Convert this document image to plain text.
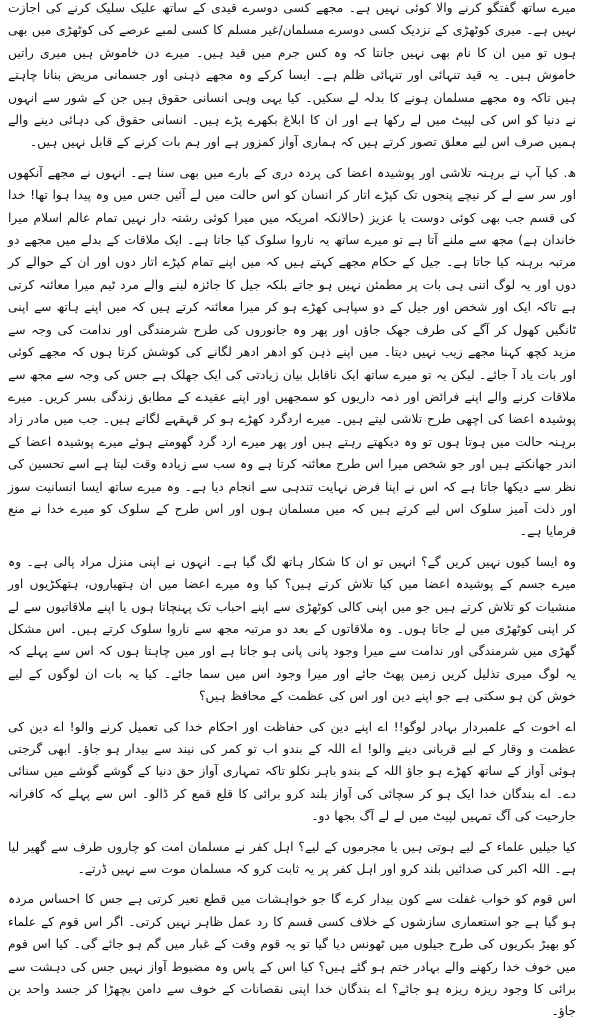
میرے ساتھ گفتگو کرنے والا کوئی نہیں ہے۔ مجھے کسی دوسرے قیدی کے ساتھ علیک سلیک کرنے کی اجازت نہیں ہے۔ میری کوٹھڑی کے نزدیک کسی دوسرے مسلمان/غیر مسلم کا کسی لمبے عرصے کی کوٹھڑی میں بھی ہوں تو میں ان کا نام بھی نہیں جانتا کہ وہ کس جرم میں قید ہیں۔ میرے دن خاموش ہیں میری راتیں خاموش ہیں۔ یہ قید تنہائی اور تنہائی ظلم ہے۔ ایسا کرکے وہ مجھے ذہنی اور جسمانی مریض بنانا چاہتے ہیں تاکہ وہ مجھے مسلمان ہونے کا بدلہ لے سکیں۔ کیا یہی وہی انسانی حقوق ہیں جن کے شور سے انہوں نے دنیا کو اس کی لپیٹ میں لے رکھا ہے اور ان کا ابلاغ بکھرے پڑے ہیں۔ انسانی حقوق کی دہائی دینے والے ہمیں صرف اس لیے معلق تصور کرتے ہیں کہ ہماری آواز کمزور ہے اور ہم بات کرنے کے قابل نہیں ہیں۔

ھ. کیا آپ نے برہنہ تلاشی اور پوشیدہ اعضا کی پردہ دری کے بارے میں بھی سنا ہے۔ انہوں نے مجھے آنکھوں اور سر سے لے کر نیچے پنجوں تک کپڑے اتار کر انسان کو اس حالت میں لے آئیں جس میں وہ پیدا ہوا تھا! خدا کی قسم جب بھی کوئی دوست یا عزیز (حالانکہ امریکہ میں میرا کوئی رشتہ دار نہیں تمام عالم اسلام میرا خاندان ہے) مجھ سے ملنے آتا ہے تو میرے ساتھ یہ ناروا سلوک کیا جاتا ہے۔ ایک ملاقات کے بدلے میں مجھے دو مرتبہ برہنہ کیا جاتا ہے۔ جیل کے حکام مجھے کہتے ہیں کہ میں اپنے تمام کپڑے اتار دوں اور ان کے حوالے کر دوں اور یہ لوگ اتنی ہی بات پر مطمئن نہیں ہو جاتے بلکہ جیل کا جائزہ لینے والے مرد ٹیم میرا معائنہ کرتی ہے تاکہ ایک اور شخص اور جیل کے دو سپاہی کھڑے ہو کر میرا معائنہ کرتے ہیں کہ میں اپنے ہاتھ سے اپنی ٹانگیں کھول کر آگے کی طرف جھک جاؤں اور پھر وہ جانوروں کی طرح شرمندگی اور ندامت کی وجہ سے مزید کچھ کہنا مجھے زیب نہیں دیتا۔ میں اپنے ذہن کو ادھر ادھر لگانے کی کوشش کرتا ہوں کہ مجھے کوئی اور بات یاد آ جائے۔ لیکن یہ تو میرے ساتھ ایک ناقابل بیان زیادتی کی ایک جھلک ہے جس کی وجہ سے مجھ سے ملاقات کرنے والے اپنے فرائض اور ذمہ داریوں کو سمجھیں اور اپنے عقیدے کے مطابق زندگی بسر کریں۔ میرے پوشیدہ اعضا کی اچھی طرح تلاشی لیتے ہیں۔ میرے اردگرد کھڑے ہو کر قہقہے لگاتے ہیں۔ جب میں مادر زاد برہنہ حالت میں ہوتا ہوں تو وہ دیکھتے رہتے ہیں اور پھر میرے ارد گرد گھومتے ہوئے میرے پوشیدہ اعضا کے اندر جھانکتے ہیں اور جو شخص میرا اس طرح معائنہ کرتا ہے وہ سب سے زیادہ وقت لیتا ہے اسے تحسین کی نظر سے دیکھا جاتا ہے کہ اس نے اپنا فرض نہایت تندہی سے انجام دیا ہے۔ وہ میرے ساتھ ایسا انسانیت سوز اور ذلت آمیز سلوک اس لیے کرتے ہیں کہ میں مسلمان ہوں اور اس طرح کے سلوک کو میرے خدا نے منع فرمایا ہے۔

وہ ایسا کیوں نہیں کریں گے؟ انہیں تو ان کا شکار ہاتھ لگ گیا ہے۔ انہوں نے اپنی منزل مراد پالی ہے۔ وہ میرے جسم کے پوشیدہ اعضا میں کیا تلاش کرتے ہیں؟ کیا وہ میرے اعضا میں ان ہتھیاروں، ہتھکڑیوں اور منشیات کو تلاش کرتے ہیں جو میں اپنی کالی کوٹھڑی سے اپنے احباب تک پہنچاتا ہوں یا اپنے ملاقاتیوں سے لے کر اپنی کوٹھڑی میں لے جاتا ہوں۔ وہ ملاقاتوں کے بعد دو مرتبہ مجھ سے ناروا سلوک کرتے ہیں۔ اس مشکل گھڑی میں شرمندگی اور ندامت سے میرا وجود پانی پانی ہو جاتا ہے اور میں چاہتا ہوں کہ اس سے پہلے کہ یہ لوگ میری تذلیل کریں زمین پھٹ جائے اور میرا وجود اس میں سما جائے۔ کیا یہ بات ان لوگوں کے لیے خوش کن ہو سکتی ہے جو اپنے دین اور اس کی عظمت کے محافظ ہیں؟

اے اخوت کے علمبردار بہادر لوگو!! اے اپنے دین کی حفاظت اور احکام خدا کی تعمیل کرنے والو! اے دین کی عظمت و وقار کے لیے قربانی دینے والو! اے اللہ کے بندو اب تو کمر کی نیند سے بیدار ہو جاؤ۔ ابھی گرجتی ہوئی آواز کے ساتھ کھڑے ہو جاؤ اللہ کے بندو باہر نکلو تاکہ تمہاری آواز حق دنیا کے گوشے گوشے میں سنائی دے۔ اے بندگان خدا ایک ہو کر سچائی کی آواز بلند کرو برائی کا قلع قمع کر ڈالو۔ اس سے پہلے کہ کافرانہ جارحیت کی آگ تمہیں لپیٹ میں لے لے آگ بجھا دو۔

کیا جیلیں علماء کے لیے ہوتی ہیں یا مجرموں کے لیے؟ اہل کفر نے مسلمان امت کو چاروں طرف سے گھیر لیا ہے۔ اللہ اکبر کی صدائیں بلند کرو اور اہل کفر پر یہ ثابت کرو کہ مسلمان موت سے نہیں ڈرتے۔

اس قوم کو خواب غفلت سے کون بیدار کرے گا جو خواہشات میں قطع تعیر کرتی ہے جس کا احساس مردہ ہو گیا ہے جو استعماری سازشوں کے خلاف کسی قسم کا رد عمل ظاہر نہیں کرتی۔ اگر اس قوم کے علماء کو بھیڑ بکریوں کی طرح جیلوں میں ٹھونس دیا گیا تو یہ قوم وقت کے غبار میں گم ہو جائے گی۔ کیا اس قوم میں خوف خدا رکھنے والے بہادر ختم ہو گئے ہیں؟ کیا اس کے پاس وہ مضبوط آواز نہیں جس کی دہشت سے برائی کا وجود ریزہ ریزہ ہو جائے؟ اے بندگان خدا اپنی نقصانات کے خوف سے دامن بچھڑا کر جسد واحد بن جاؤ۔
